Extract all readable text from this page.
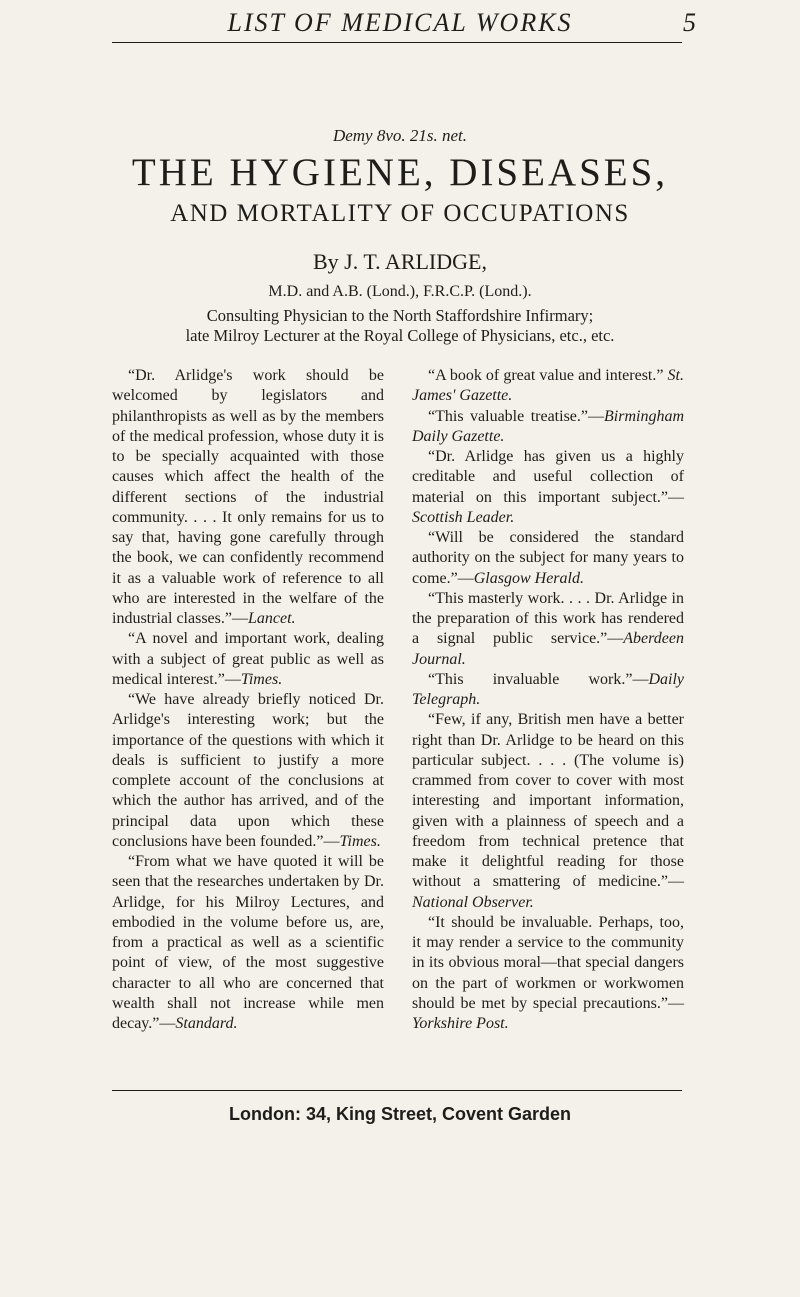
LIST OF MEDICAL WORKS	5
Demy 8vo. 21s. net.
THE HYGIENE, DISEASES,
AND MORTALITY OF OCCUPATIONS
By J. T. ARLIDGE,
M.D. and A.B. (Lond.), F.R.C.P. (Lond.).
Consulting Physician to the North Staffordshire Infirmary;
late Milroy Lecturer at the Royal College of Physicians, etc., etc.

“Dr. Arlidge's work should be welcomed by legislators and philanthropists as well as by the members of the medical profession, whose duty it is to be specially acquainted with those causes which affect the health of the different sections of the industrial community. . . . It only remains for us to say that, having gone carefully through the book, we can confidently recommend it as a valuable work of reference to all who are interested in the welfare of the industrial classes.”—Lancet.

“A novel and important work, dealing with a subject of great public as well as medical interest.”—Times.

“We have already briefly noticed Dr. Arlidge's interesting work; but the importance of the questions with which it deals is sufficient to justify a more complete account of the conclusions at which the author has arrived, and of the principal data upon which these conclusions have been founded.”—Times.

“From what we have quoted it will be seen that the researches undertaken by Dr. Arlidge, for his Milroy Lectures, and embodied in the volume before us, are, from a practical as well as a scientific point of view, of the most suggestive character to all who are concerned that wealth shall not increase while men decay.”—Standard.

“A book of great value and interest.” St. James' Gazette.

“This valuable treatise.”—Birmingham Daily Gazette.

“Dr. Arlidge has given us a highly creditable and useful collection of material on this important subject.”—Scottish Leader.

“Will be considered the standard authority on the subject for many years to come.”—Glasgow Herald.

“This masterly work. . . . Dr. Arlidge in the preparation of this work has rendered a signal public service.”—Aberdeen Journal.

“This invaluable work.”—Daily Telegraph.

“Few, if any, British men have a better right than Dr. Arlidge to be heard on this particular subject. . . . (The volume is) crammed from cover to cover with most interesting and important information, given with a plainness of speech and a freedom from technical pretence that make it delightful reading for those without a smattering of medicine.”—National Observer.

“It should be invaluable. Perhaps, too, it may render a service to the community in its obvious moral—that special dangers on the part of workmen or workwomen should be met by special precautions.”—Yorkshire Post.

London: 34, King Street, Covent Garden
